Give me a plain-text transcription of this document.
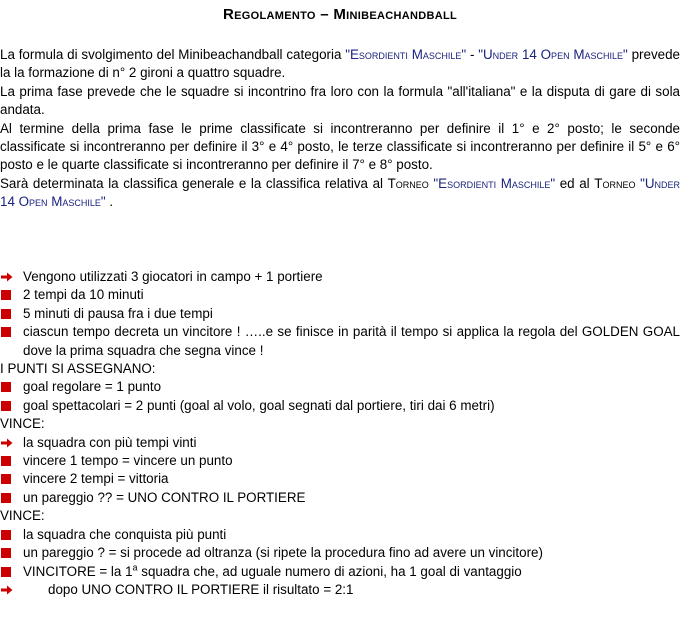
Regolamento – Minibeachandball

La formula di svolgimento del Minibeachandball categoria "Esordienti Maschile" - "Under 14 Open Maschile" prevede la la formazione di n° 2 gironi a quattro squadre.

La prima fase prevede che le squadre si incontrino fra loro con la formula "all'italiana" e la disputa di gare di sola andata.

Al termine della prima fase le prime classificate si incontreranno per definire il 1° e 2° posto; le seconde classificate si incontreranno per definire il 3° e 4° posto, le terze classificate si incontreranno per definire il 5° e 6° posto e le quarte classificate si incontreranno per definire il 7° e 8° posto.

Sarà determinata la classifica generale e la classifica relativa al Torneo "Esordienti Maschile" ed al Torneo "Under 14 Open Maschile" .

Vengono utilizzati 3 giocatori in campo + 1 portiere
2 tempi da 10 minuti
5 minuti di pausa fra i due tempi
ciascun tempo decreta un vincitore ! …..e se finisce in parità il tempo si applica la regola del GOLDEN GOAL dove la prima squadra che segna vince !
I PUNTI SI ASSEGNANO:
goal regolare = 1 punto
goal spettacolari = 2 punti (goal al volo, goal segnati dal portiere, tiri dai 6 metri)
VINCE:
la squadra con più tempi vinti
vincere 1 tempo = vincere un punto
vincere 2 tempi = vittoria
un pareggio ?? = UNO CONTRO IL PORTIERE
VINCE:
la squadra che conquista più punti
un pareggio ? = si procede ad oltranza (si ripete la procedura fino ad avere un vincitore)
VINCITORE = la 1$^a$ squadra che, ad uguale numero di azioni, ha 1 goal di vantaggio
dopo UNO CONTRO IL PORTIERE il risultato = 2:1
